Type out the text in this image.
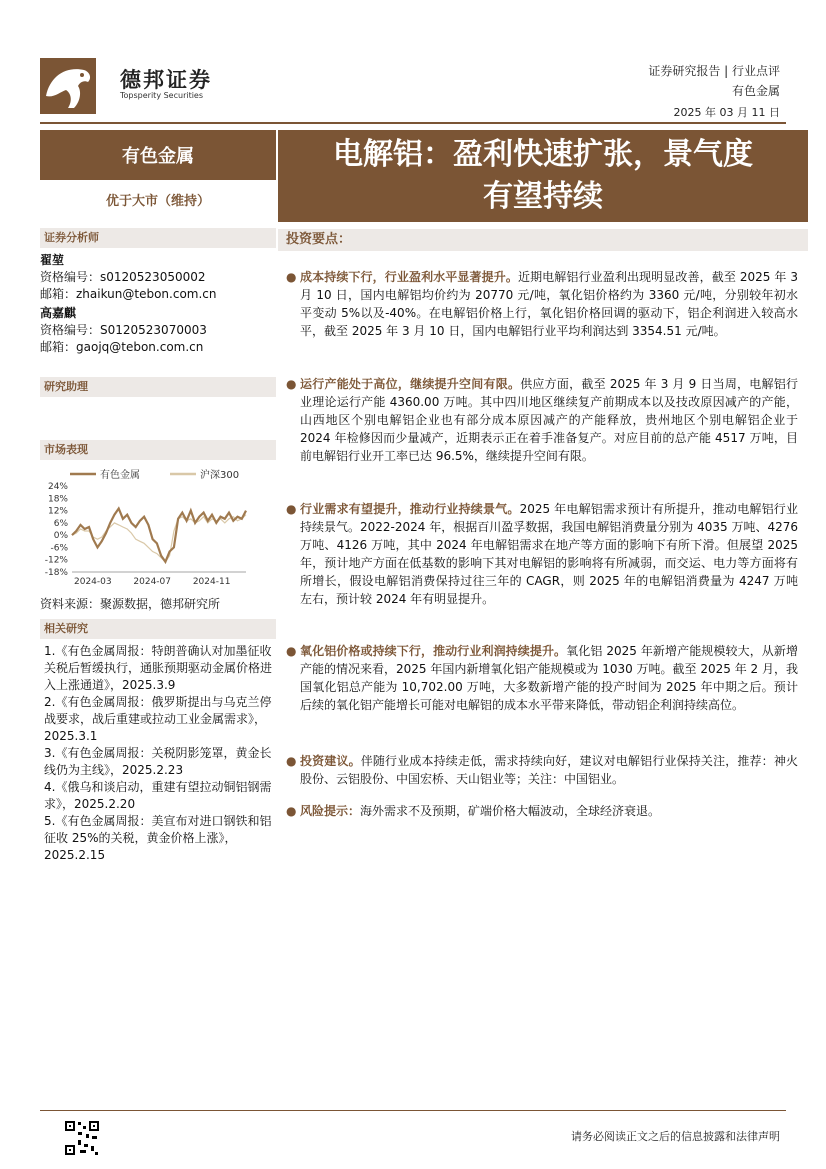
德邦证券
Topsperity Securities
证券研究报告 | 行业点评
有色金属
2025 年 03 月 11 日
有色金属	电解铝：盈利快速扩张，景气度
有望持续
优于大市（维持）
证券分析师
翟堃
资格编号：s0120523050002
邮箱：zhaikun@tebon.com.cn
高嘉麒
资格编号：S0120523070003
邮箱：gaojq@tebon.com.cn
研究助理
市场表现
有色金属	沪深300
24%
18%
12%
6%
0%
-6%
-12%
-18%
2024-03 2024-07 2024-11
资料来源：聚源数据，德邦研究所
相关研究
1.《有色金属周报：特朗普确认对加墨征收关税后暂缓执行，通胀预期驱动金属价格进入上涨通道》，2025.3.9
2.《有色金属周报：俄罗斯提出与乌克兰停战要求，战后重建或拉动工业金属需求》，2025.3.1
3.《有色金属周报：关税阴影笼罩，黄金长线仍为主线》，2025.2.23
4.《俄乌和谈启动，重建有望拉动铜铝钢需求》，2025.2.20
5.《有色金属周报：美宣布对进口钢铁和铝征收 25%的关税，黄金价格上涨》，2025.2.15
投资要点：
● 成本持续下行，行业盈利水平显著提升。近期电解铝行业盈利出现明显改善，截至 2025 年 3 月 10 日，国内电解铝均价约为 20770 元/吨，氧化铝价格约为 3360 元/吨，分别较年初水平变动 5%以及-40%。在电解铝价格上行，氧化铝价格回调的驱动下，铝企利润进入较高水平，截至 2025 年 3 月 10 日，国内电解铝行业平均利润达到 3354.51 元/吨。
● 运行产能处于高位，继续提升空间有限。供应方面，截至 2025 年 3 月 9 日当周，电解铝行业理论运行产能 4360.00 万吨。其中四川地区继续复产前期成本以及技改原因减产的产能，山西地区个别电解铝企业也有部分成本原因减产的产能释放，贵州地区个别电解铝企业于 2024 年检修因而少量减产，近期表示正在着手准备复产。对应目前的总产能 4517 万吨，目前电解铝行业开工率已达 96.5%，继续提升空间有限。
● 行业需求有望提升，推动行业持续景气。2025 年电解铝需求预计有所提升，推动电解铝行业持续景气。2022-2024 年，根据百川盈孚数据，我国电解铝消费量分别为 4035 万吨、4276 万吨、4126 万吨，其中 2024 年电解铝需求在地产等方面的影响下有所下滑。但展望 2025 年，预计地产方面在低基数的影响下其对电解铝的影响将有所减弱，而交运、电力等方面将有所增长，假设电解铝消费保持过往三年的 CAGR，则 2025 年的电解铝消费量为 4247 万吨左右，预计较 2024 年有明显提升。
● 氧化铝价格或持续下行，推动行业利润持续提升。氧化铝 2025 年新增产能规模较大，从新增产能的情况来看，2025 年国内新增氧化铝产能规模或为 1030 万吨。截至 2025 年 2 月，我国氧化铝总产能为 10,702.00 万吨，大多数新增产能的投产时间为 2025 年中期之后。预计后续的氧化铝产能增长可能对电解铝的成本水平带来降低，带动铝企利润持续高位。
● 投资建议。伴随行业成本持续走低，需求持续向好，建议对电解铝行业保持关注，推荐：神火股份、云铝股份、中国宏桥、天山铝业等；关注：中国铝业。
● 风险提示：海外需求不及预期，矿端价格大幅波动，全球经济衰退。
请务必阅读正文之后的信息披露和法律声明
